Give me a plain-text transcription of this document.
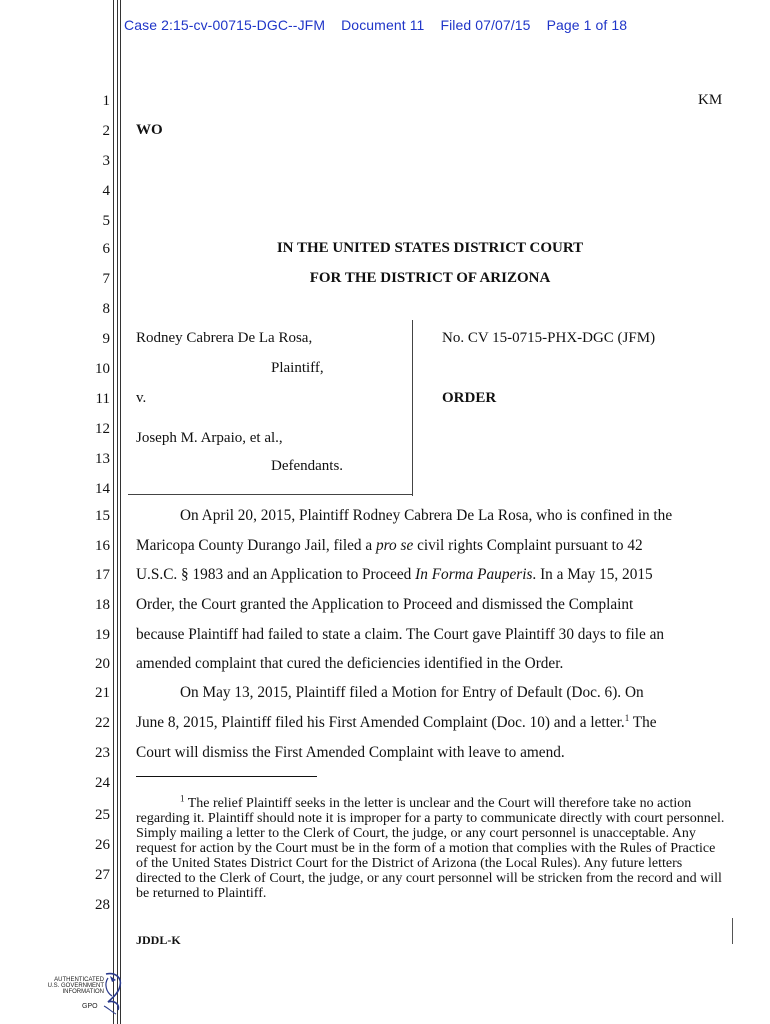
Case 2:15-cv-00715-DGC--JFM Document 11 Filed 07/07/15 Page 1 of 18
1
2
3
4
5
6
7
8
9
10
11
12
13
14
15
16
17
18
19
20
21
22
23
24
25
26
27
28
KM
WO
IN THE UNITED STATES DISTRICT COURT
FOR THE DISTRICT OF ARIZONA
Rodney Cabrera De La Rosa,
Plaintiff,
v.
Joseph M. Arpaio, et al.,
Defendants.
No. CV 15-0715-PHX-DGC (JFM)
ORDER
On April 20, 2015, Plaintiff Rodney Cabrera De La Rosa, who is confined in the
Maricopa County Durango Jail, filed a pro se civil rights Complaint pursuant to 42
U.S.C. § 1983 and an Application to Proceed In Forma Pauperis. In a May 15, 2015
Order, the Court granted the Application to Proceed and dismissed the Complaint
because Plaintiff had failed to state a claim. The Court gave Plaintiff 30 days to file an
amended complaint that cured the deficiencies identified in the Order.
On May 13, 2015, Plaintiff filed a Motion for Entry of Default (Doc. 6). On
June 8, 2015, Plaintiff filed his First Amended Complaint (Doc. 10) and a letter.$^1$ The
Court will dismiss the First Amended Complaint with leave to amend.
$^1$ The relief Plaintiff seeks in the letter is unclear and the Court will therefore take no action regarding it. Plaintiff should note it is improper for a party to communicate directly with court personnel. Simply mailing a letter to the Clerk of Court, the judge, or any court personnel is unacceptable. Any request for action by the Court must be in the form of a motion that complies with the Rules of Practice of the United States District Court for the District of Arizona (the Local Rules). Any future letters directed to the Clerk of Court, the judge, or any court personnel will be stricken from the record and will be returned to Plaintiff.
JDDL-K
AUTHENTICATED
U.S. GOVERNMENT
INFORMATION
GPO
